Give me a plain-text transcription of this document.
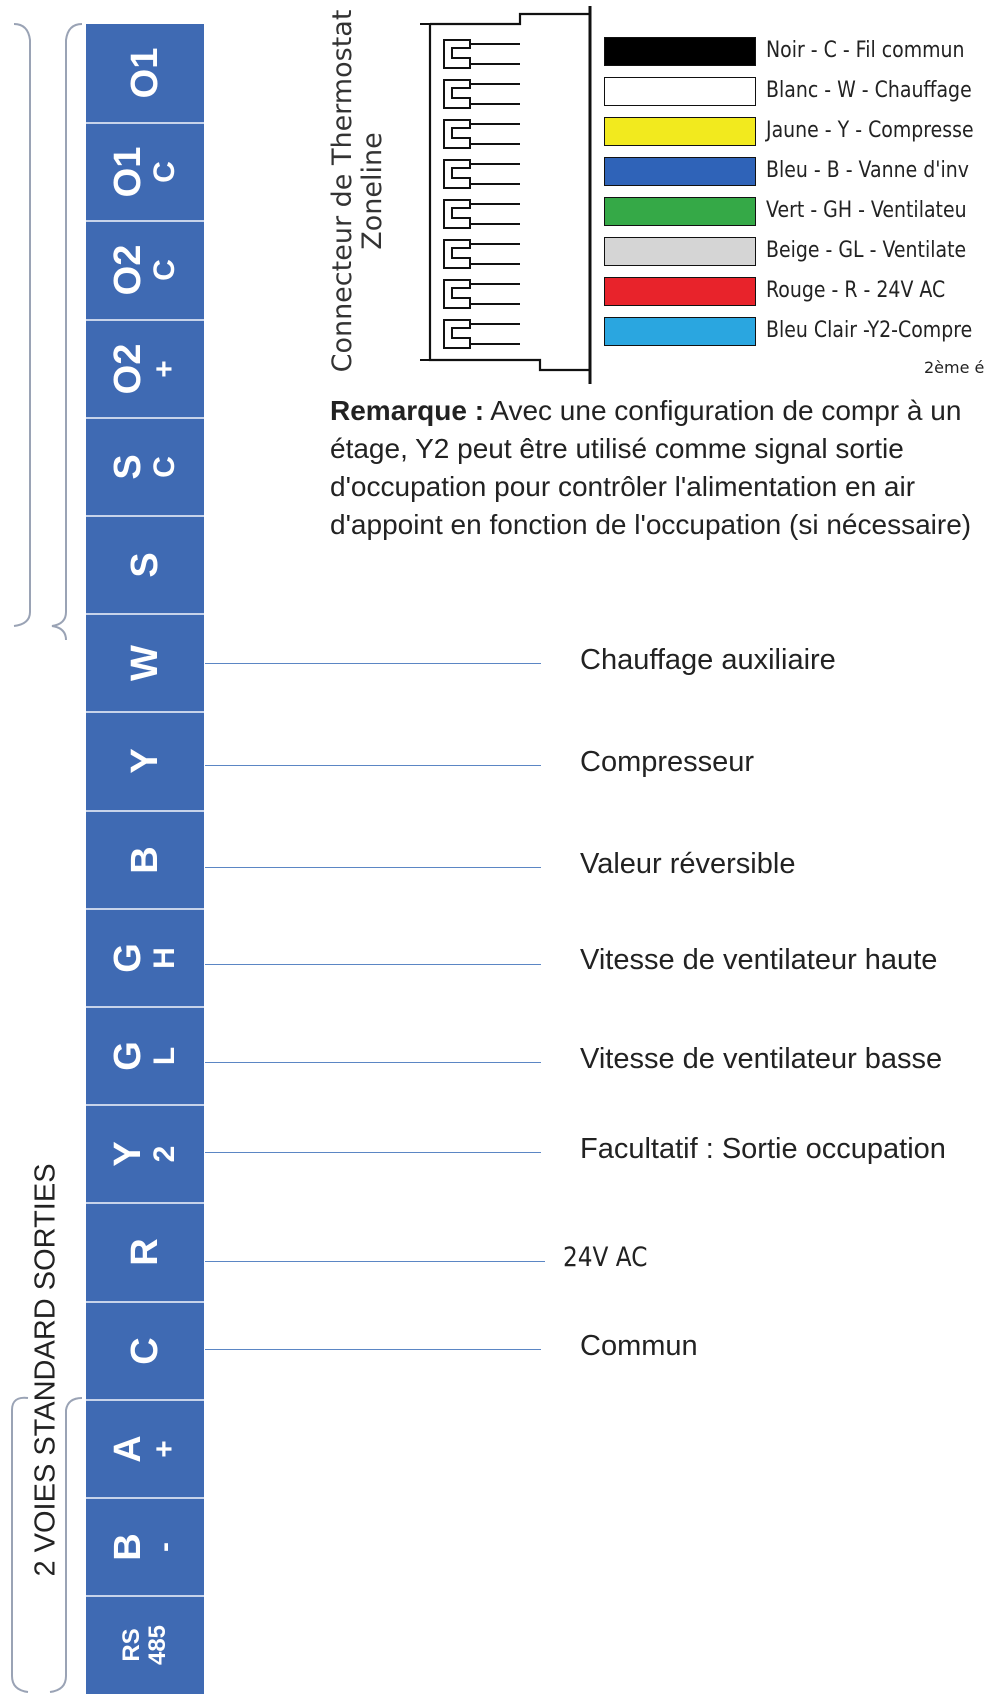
Connecteur de Thermostat Zoneline
Noir - C - Fil commun
Blanc - W - Chauffage
Jaune - Y - Compresse
Bleu - B - Vanne d'inv
Vert - GH - Ventilateu
Beige - GL - Ventilate
Rouge - R - 24V AC
Bleu Clair -Y2-Compre
2ème é
Remarque : Avec une configuration de compr à un étage, Y2 peut être utilisé comme signal sortie d'occupation pour contrôler l'alimentation en air d'appoint en fonction de l'occupation (si nécessaire)
O1
O1 C
O2 C
O2 +
S C
S
W
Y
B
G H
G L
Y 2
R
C
A +
B -
RS 485
Chauffage auxiliaire
Compresseur
Valeur réversible
Vitesse de ventilateur haute
Vitesse de ventilateur basse
Facultatif : Sortie occupation
24V AC
Commun
2 VOIES STANDARD SORTIES
